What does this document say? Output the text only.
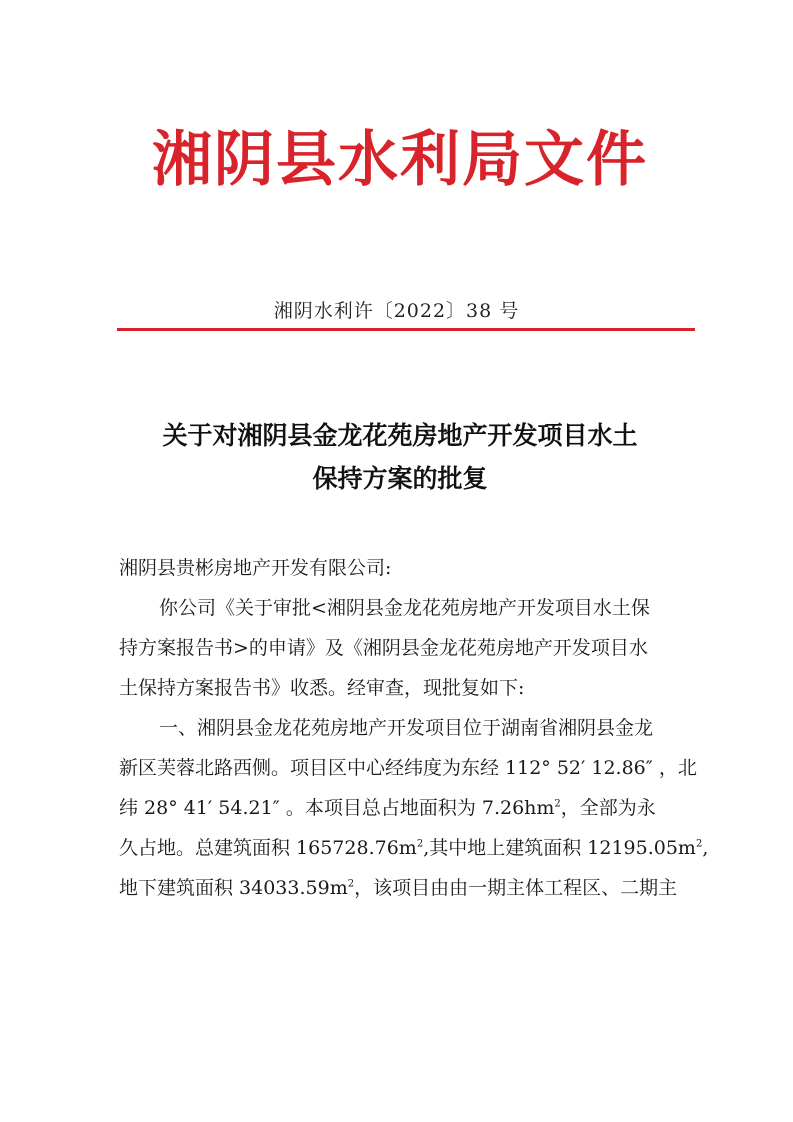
湘阴县水利局文件
湘阴水利许〔2022〕38 号
关于对湘阴县金龙花苑房地产开发项目水土
保持方案的批复
湘阴县贵彬房地产开发有限公司:
你公司《关于审批<湘阴县金龙花苑房地产开发项目水土保
持方案报告书>的申请》及《湘阴县金龙花苑房地产开发项目水
土保持方案报告书》收悉。经审查，现批复如下:
一、湘阴县金龙花苑房地产开发项目位于湖南省湘阴县金龙
新区芙蓉北路西侧。项目区中心经纬度为东经 112° 52′ 12.86″ ，北
纬 28° 41′ 54.21″ 。本项目总占地面积为 $7.26hm^2$，全部为永
久占地。总建筑面积 $165728.76m^2$,其中地上建筑面积 $12195.05m^2$,
地下建筑面积 $34033.59m^2$，该项目由由一期主体工程区、二期主
